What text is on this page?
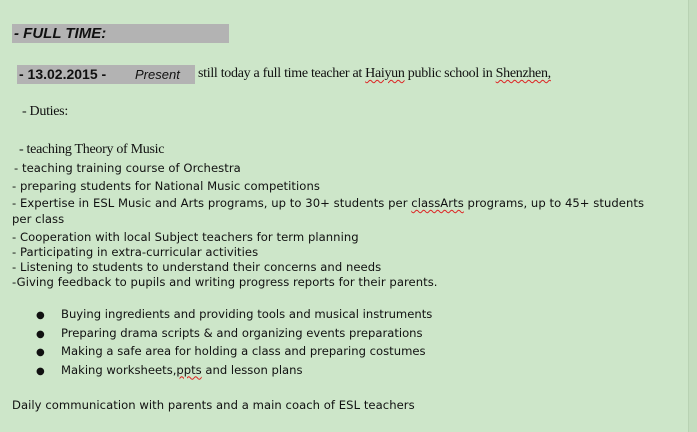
- FULL TIME:
- 13.02.2015 - Present still today a full time teacher at Haiyun public school in Shenzhen,
- Duties:
- teaching Theory of Music
- teaching training course of Orchestra
- preparing students for National Music competitions
- Expertise in ESL Music and Arts programs, up to 30+ students per classArts programs, up to 45+ students
per class
- Cooperation with local Subject teachers for term planning
- Participating in extra-curricular activities
- Listening to students to understand their concerns and needs
-Giving feedback to pupils and writing progress reports for their parents.
● Buying ingredients and providing tools and musical instruments
● Preparing drama scripts & and organizing events preparations
● Making a safe area for holding a class and preparing costumes
● Making worksheets,ppts and lesson plans
Daily communication with parents and a main coach of ESL teachers
